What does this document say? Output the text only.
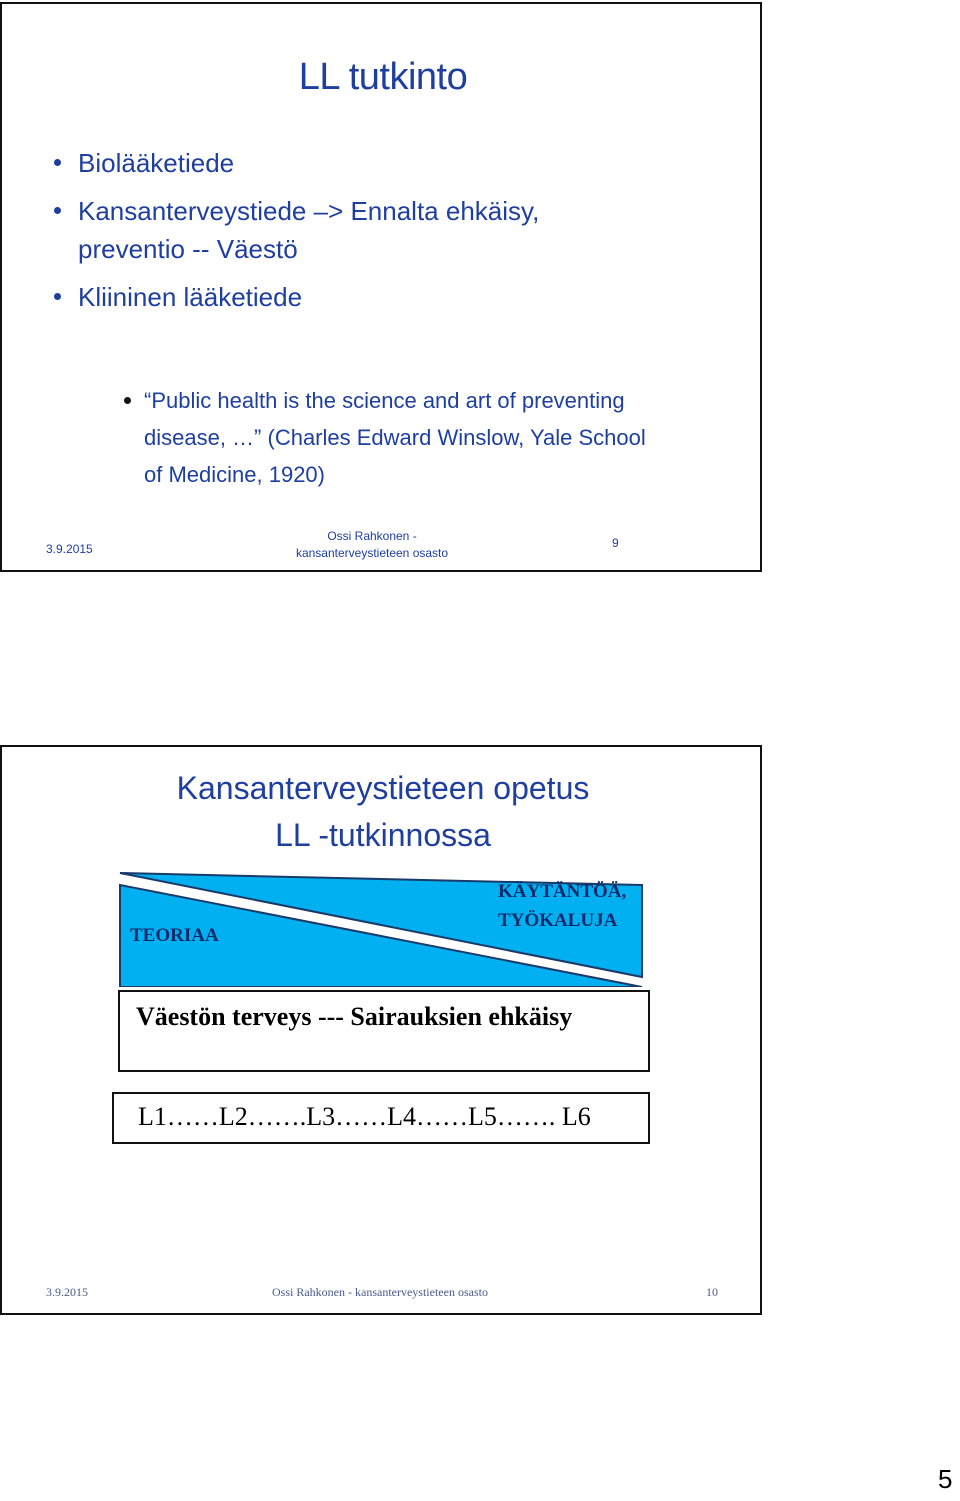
LL tutkinto
Biolääketiede
Kansanterveystiede –> Ennalta ehkäisy, preventio -- Väestö
Kliininen lääketiede
“Public health is the science and art of preventing disease, …” (Charles Edward Winslow, Yale School of Medicine, 1920)
3.9.2015
Ossi Rahkonen -
kansanterveystieteen osasto
9
Kansanterveystieteen opetus
LL -tutkinnossa
TEORIAA
KÄYTÄNTÖÄ,
TYÖKALUJA
Väestön terveys --- Sairauksien ehkäisy
L1……L2…….L3……L4……L5……. L6
3.9.2015	Ossi Rahkonen - kansanterveystieteen osasto	10
5
